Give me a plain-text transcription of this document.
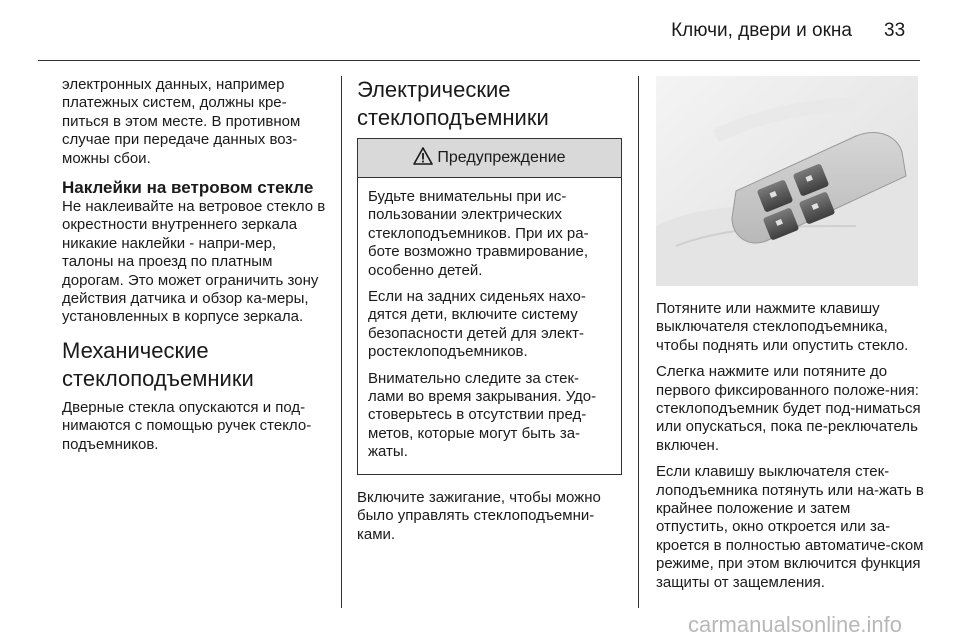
Ключи, двери и окна 33

электронных данных, например платежных систем, должны кре-питься в этом месте. В противном случае при передаче данных воз-можны сбои.

Наклейки на ветровом стекле

Не наклеивайте на ветровое стекло в окрестности внутреннего зеркала никакие наклейки - напри-мер, талоны на проезд по платным дорогам. Это может ограничить зону действия датчика и обзор ка-меры, установленных в корпусе зеркала.

Механические стеклоподъемники

Дверные стекла опускаются и под-нимаются с помощью ручек стекло-подъемников.

Электрические стеклоподъемники
Предупреждение

Будьте внимательны при ис-пользовании электрических стеклоподъемников. При их ра-боте возможно травмирование, особенно детей.

Если на задних сиденьях нахо-дятся дети, включите систему безопасности детей для элект-ростеклоподъемников.

Внимательно следите за стек-лами во время закрывания. Удо-стоверьтесь в отсутствии пред-метов, которые могут быть за-жаты.

Включите зажигание, чтобы можно было управлять стеклоподъемни-ками.

Потяните или нажмите клавишу выключателя стеклоподъемника, чтобы поднять или опустить стекло.

Слегка нажмите или потяните до первого фиксированного положе-ния: стеклоподъемник будет под-ниматься или опускаться, пока пе-реключатель включен.

Если клавишу выключателя стек-лоподъемника потянуть или на-жать в крайнее положение и затем отпустить, окно откроется или за-кроется в полностью автоматиче-ском режиме, при этом включится функция защиты от защемления.

carmanualsonline.info
